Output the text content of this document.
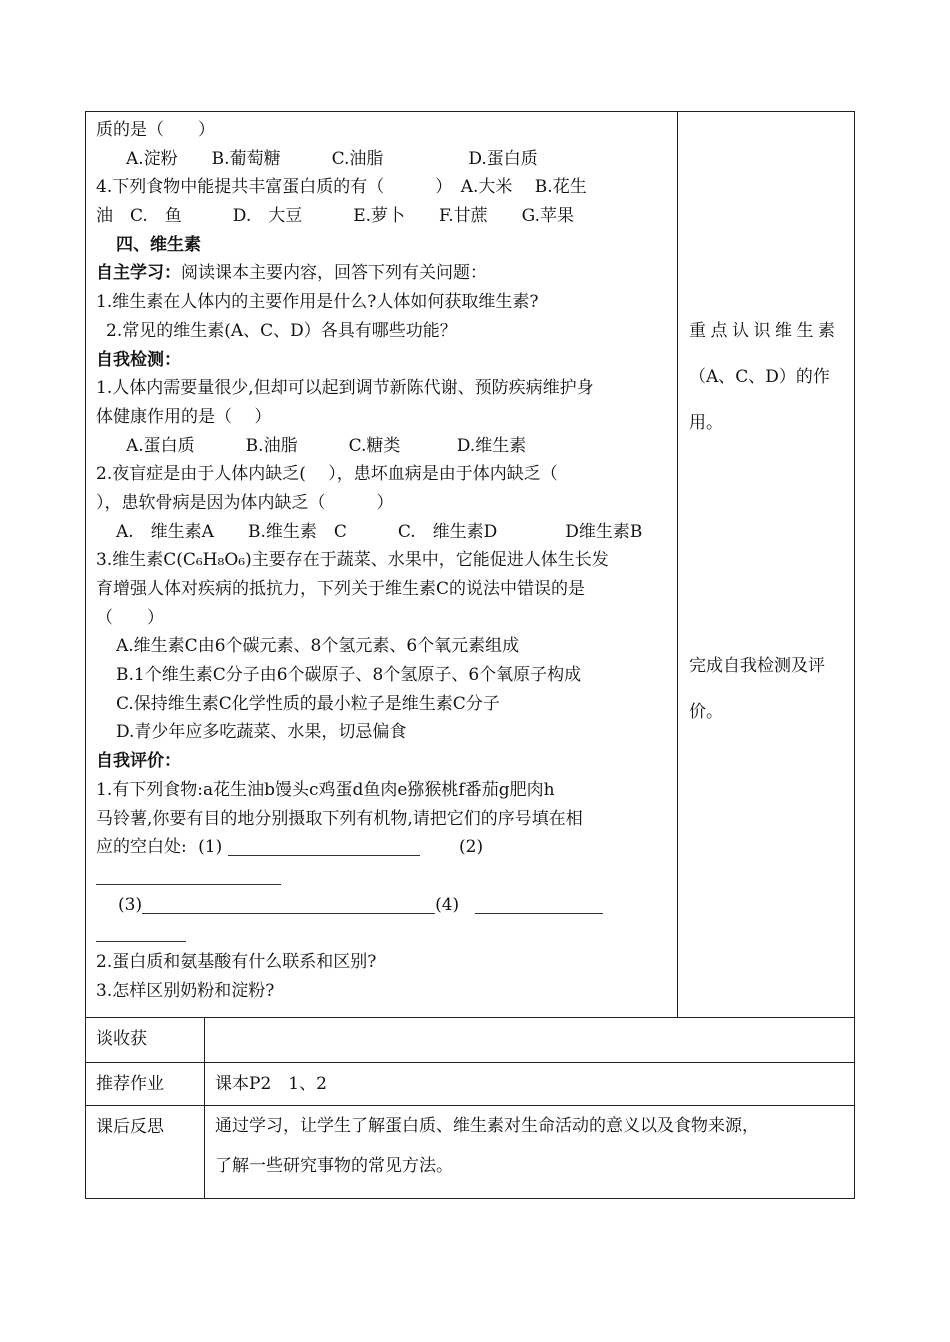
质的是（　　）
A.淀粉　　B.葡萄糖　　　C.油脂　　　　　D.蛋白质
4.下列食物中能提共丰富蛋白质的有（　　　）　A.大米　 B.花生
油　C.　鱼　　　D.　大豆　　　E.萝卜　　F.甘蔗　　G.苹果
四、维生素
自主学习：阅读课本主要内容，回答下列有关问题：
1.维生素在人体内的主要作用是什么?人体如何获取维生素?
2.常见的维生素(A、C、D）各具有哪些功能？
自我检测：
1.人体内需要量很少,但却可以起到调节新陈代谢、预防疾病维护身
体健康作用的是（　 ）
A.蛋白质　　　B.油脂　　　C.糖类　　　 D.维生素
2.夜盲症是由于人体内缺乏(　 ），患坏血病是由于体内缺乏（
），患软骨病是因为体内缺乏（　　　）
A.　维生素A　　B.维生素　C　　　C.　维生素D　　　　D维生素B
3.维生素C(C₆H₈O₆)主要存在于蔬菜、水果中，它能促进人体生长发
育增强人体对疾病的抵抗力，下列关于维生素C的说法中错误的是
（　　）
A.维生素C由6个碳元素、8个氢元素、6个氧元素组成
B.1个维生素C分子由6个碳原子、8个氢原子、6个氧原子构成
C.保持维生素C化学性质的最小粒子是维生素C分子
D.青少年应多吃蔬菜、水果，切忌偏食
自我评价：
1.有下列食物:a花生油b馒头c鸡蛋d鱼肉e猕猴桃f番茄g肥肉h
马铃薯,你要有目的地分别摄取下列有机物,请把它们的序号填在相
应的空白处: (1)	(2)
(3)	(4)
2.蛋白质和氨基酸有什么联系和区别?
3.怎样区别奶粉和淀粉?
重点认识维生素
（A、C、D）的作
用。
完成自我检测及评
价。
谈收获
推荐作业	课本P2　1、2
课后反思	通过学习，让学生了解蛋白质、维生素对生命活动的意义以及食物来源，
了解一些研究事物的常见方法。
